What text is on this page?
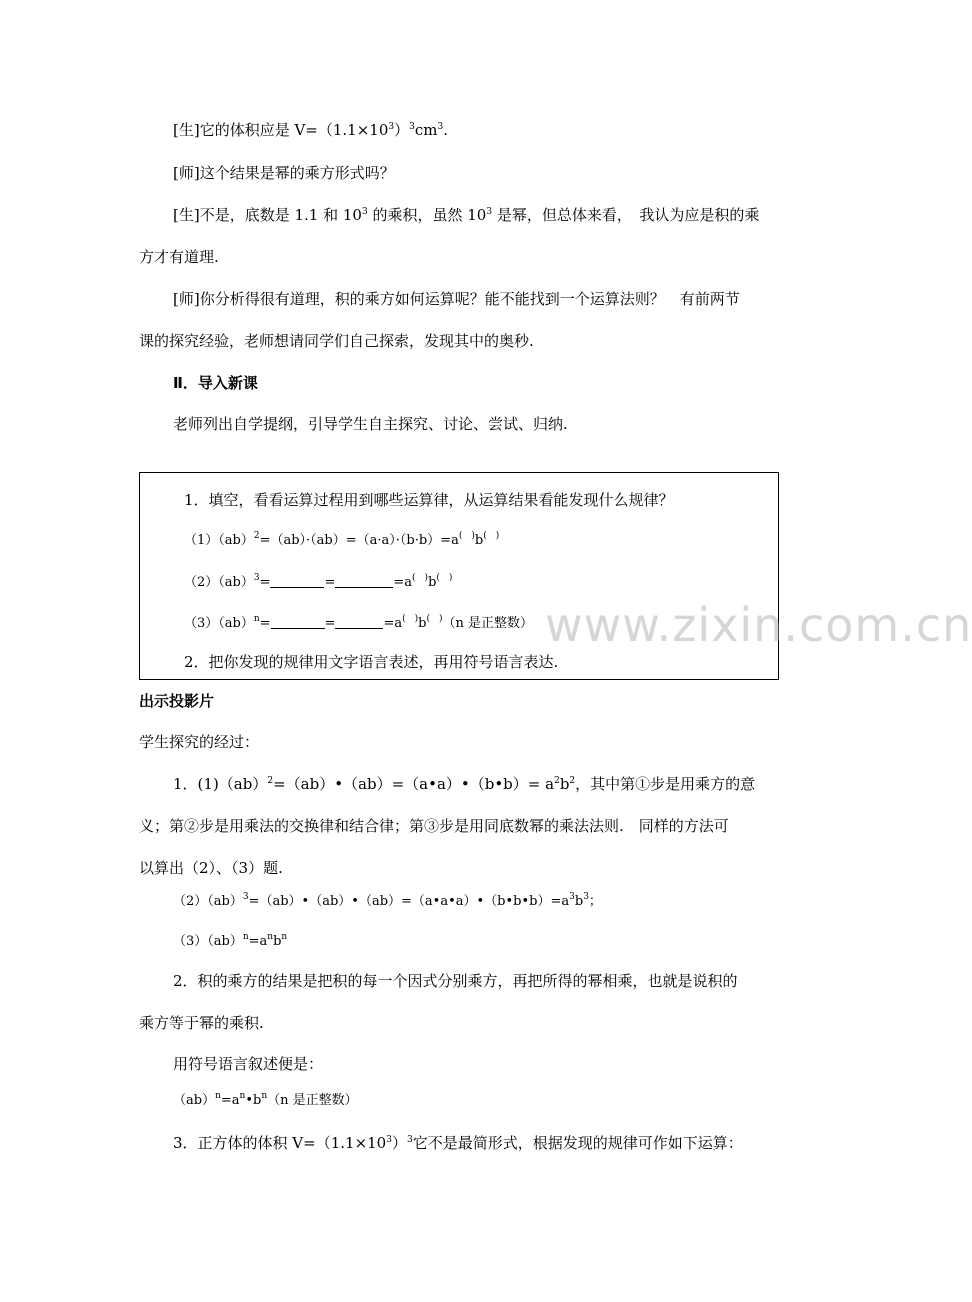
[生]它的体积应是 $V=(1.1\times 10^3)^3cm^3$.
[师]这个结果是幂的乘方形式吗？
[生]不是，底数是 1.1 和 $10^3$ 的乘积，虽然 $10^3$ 是幂，但总体来看，　我认为应是积的乘
方才有道理.
[师]你分析得很有道理，积的乘方如何运算呢？能不能找到一个运算法则？　有前两节
课的探究经验，老师想请同学们自己探索，发现其中的奥秒.
Ⅱ．导入新课
老师列出自学提纲，引导学生自主探究、讨论、尝试、归纳.
1．填空，看看运算过程用到哪些运算律，从运算结果看能发现什么规律？
（1）（ab）$^2$=（ab）·（ab）=（a·a）·（b·b）=a(　)b(　)
（2）（ab）$^3$=	=	=a(　)b(　)
（3）（ab）$^n$=	=	=a(　)b(　)（n 是正整数）
2．把你发现的规律用文字语言表述，再用符号语言表达.
出示投影片
学生探究的经过：
1．(1)（ab）$^2$=（ab）•（ab）=（a•a）•（b•b）= $a^2b^2$，其中第①步是用乘方的意
义；第②步是用乘法的交换律和结合律；第③步是用同底数幂的乘法法则.　同样的方法可
以算出（2）、（3）题.
$(2)(ab)^3=(ab)•(ab)•(ab)=(a•a•a)•(b•b•b)=a^3b^3$；
$(3)(ab)^n=a^nb^n$
2．积的乘方的结果是把积的每一个因式分别乘方，再把所得的幂相乘，也就是说积的
乘方等于幂的乘积.
用符号语言叙述便是：
$(ab)^n=a^n•b^n(n$ 是正整数）
3．正方体的体积 $V=(1.1\times 10^3)^3$它不是最简形式，根据发现的规律可作如下运算：
www.zixin.com.cn
